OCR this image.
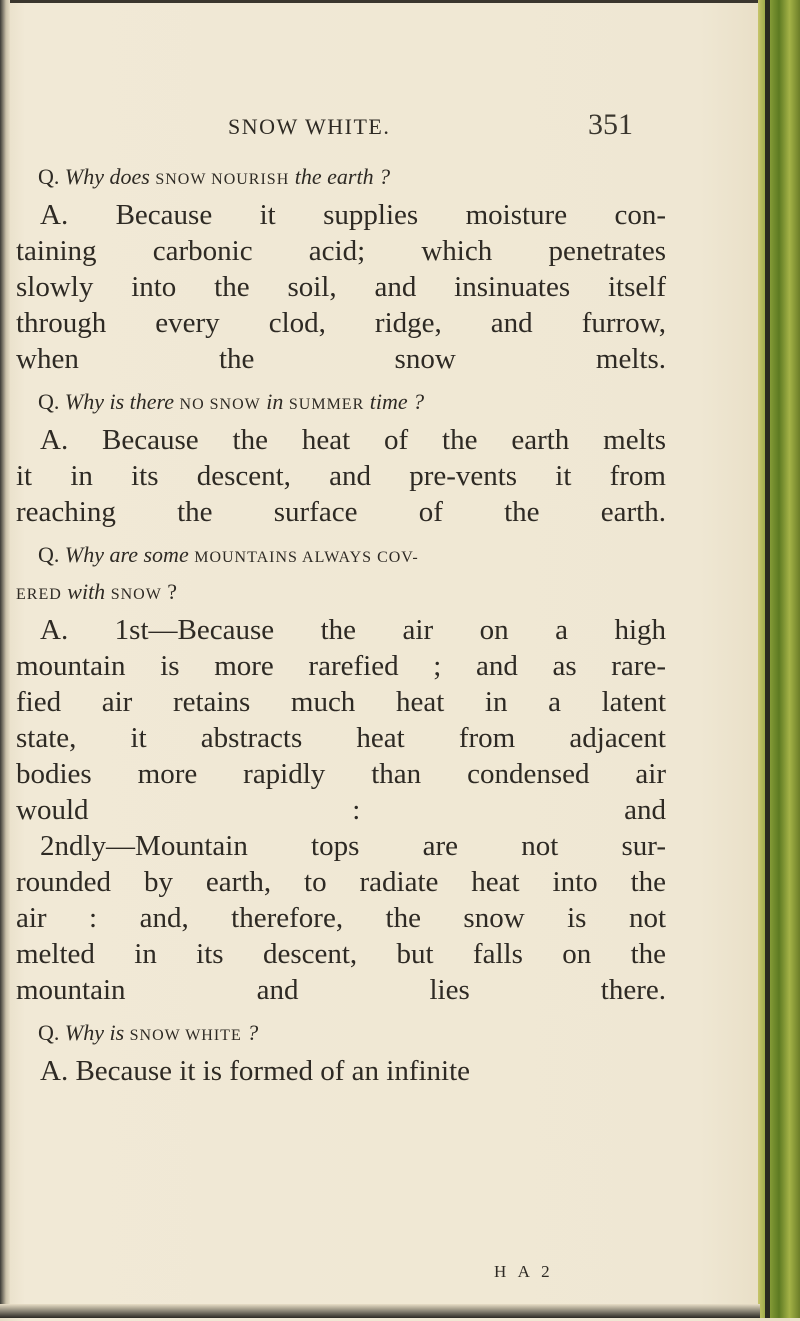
SNOW WHITE.	351

Q. Why does SNOW NOURISH the earth ?

A. Because it supplies moisture con-
taining carbonic acid; which penetrates
slowly into the soil, and insinuates itself
through every clod, ridge, and furrow,
when the snow melts.

Q. Why is there NO SNOW in SUMMER time ?

A. Because the heat of the earth melts
it in its descent, and pre-vents it from
reaching the surface of the earth.

Q. Why are some MOUNTAINS ALWAYS COV-

ERED with SNOW ?

A. 1st—Because the air on a high
mountain is more rarefied ; and as rare-
fied air retains much heat in a latent
state, it abstracts heat from adjacent
bodies more rapidly than condensed air
would : and
2ndly—Mountain tops are not sur-
rounded by earth, to radiate heat into the
air : and, therefore, the snow is not
melted in its descent, but falls on the
mountain and lies there.

Q. Why is SNOW WHITE ?

A. Because it is formed of an infinite

H A 2
